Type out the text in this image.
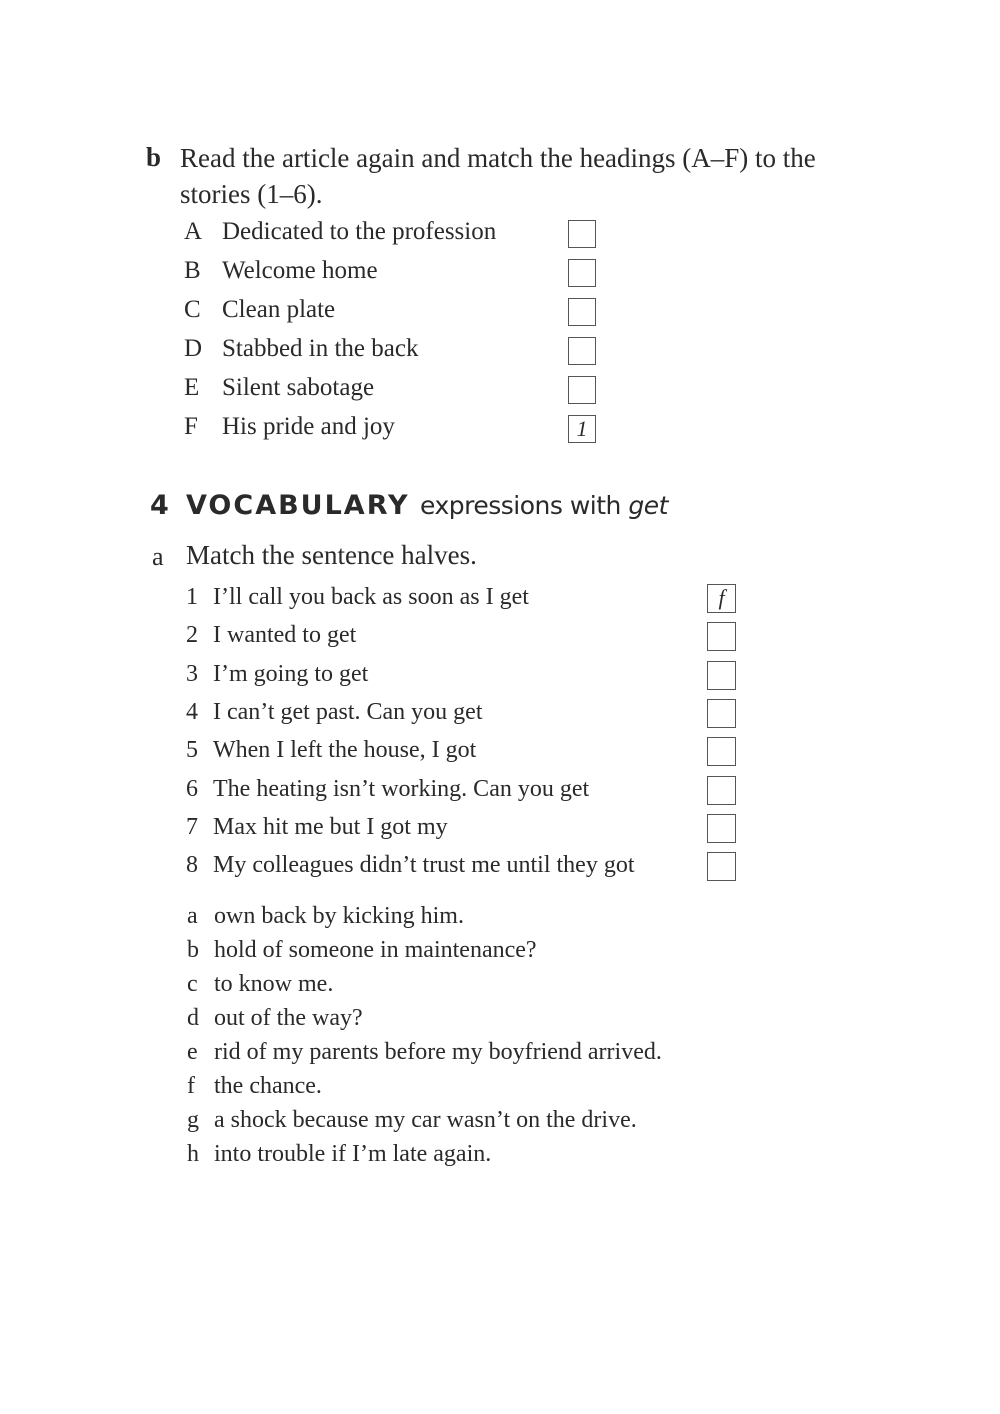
b Read the article again and match the headings (A–F) to the stories (1–6).
A Dedicated to the profession
B Welcome home
C Clean plate
D Stabbed in the back
E Silent sabotage
F His pride and joy	1
4 VOCABULARY expressions with get
a Match the sentence halves.
1 I’ll call you back as soon as I get	f
2 I wanted to get
3 I’m going to get
4 I can’t get past. Can you get
5 When I left the house, I got
6 The heating isn’t working. Can you get
7 Max hit me but I got my
8 My colleagues didn’t trust me until they got
a own back by kicking him.
b hold of someone in maintenance?
c to know me.
d out of the way?
e rid of my parents before my boyfriend arrived.
f the chance.
g a shock because my car wasn’t on the drive.
h into trouble if I’m late again.
